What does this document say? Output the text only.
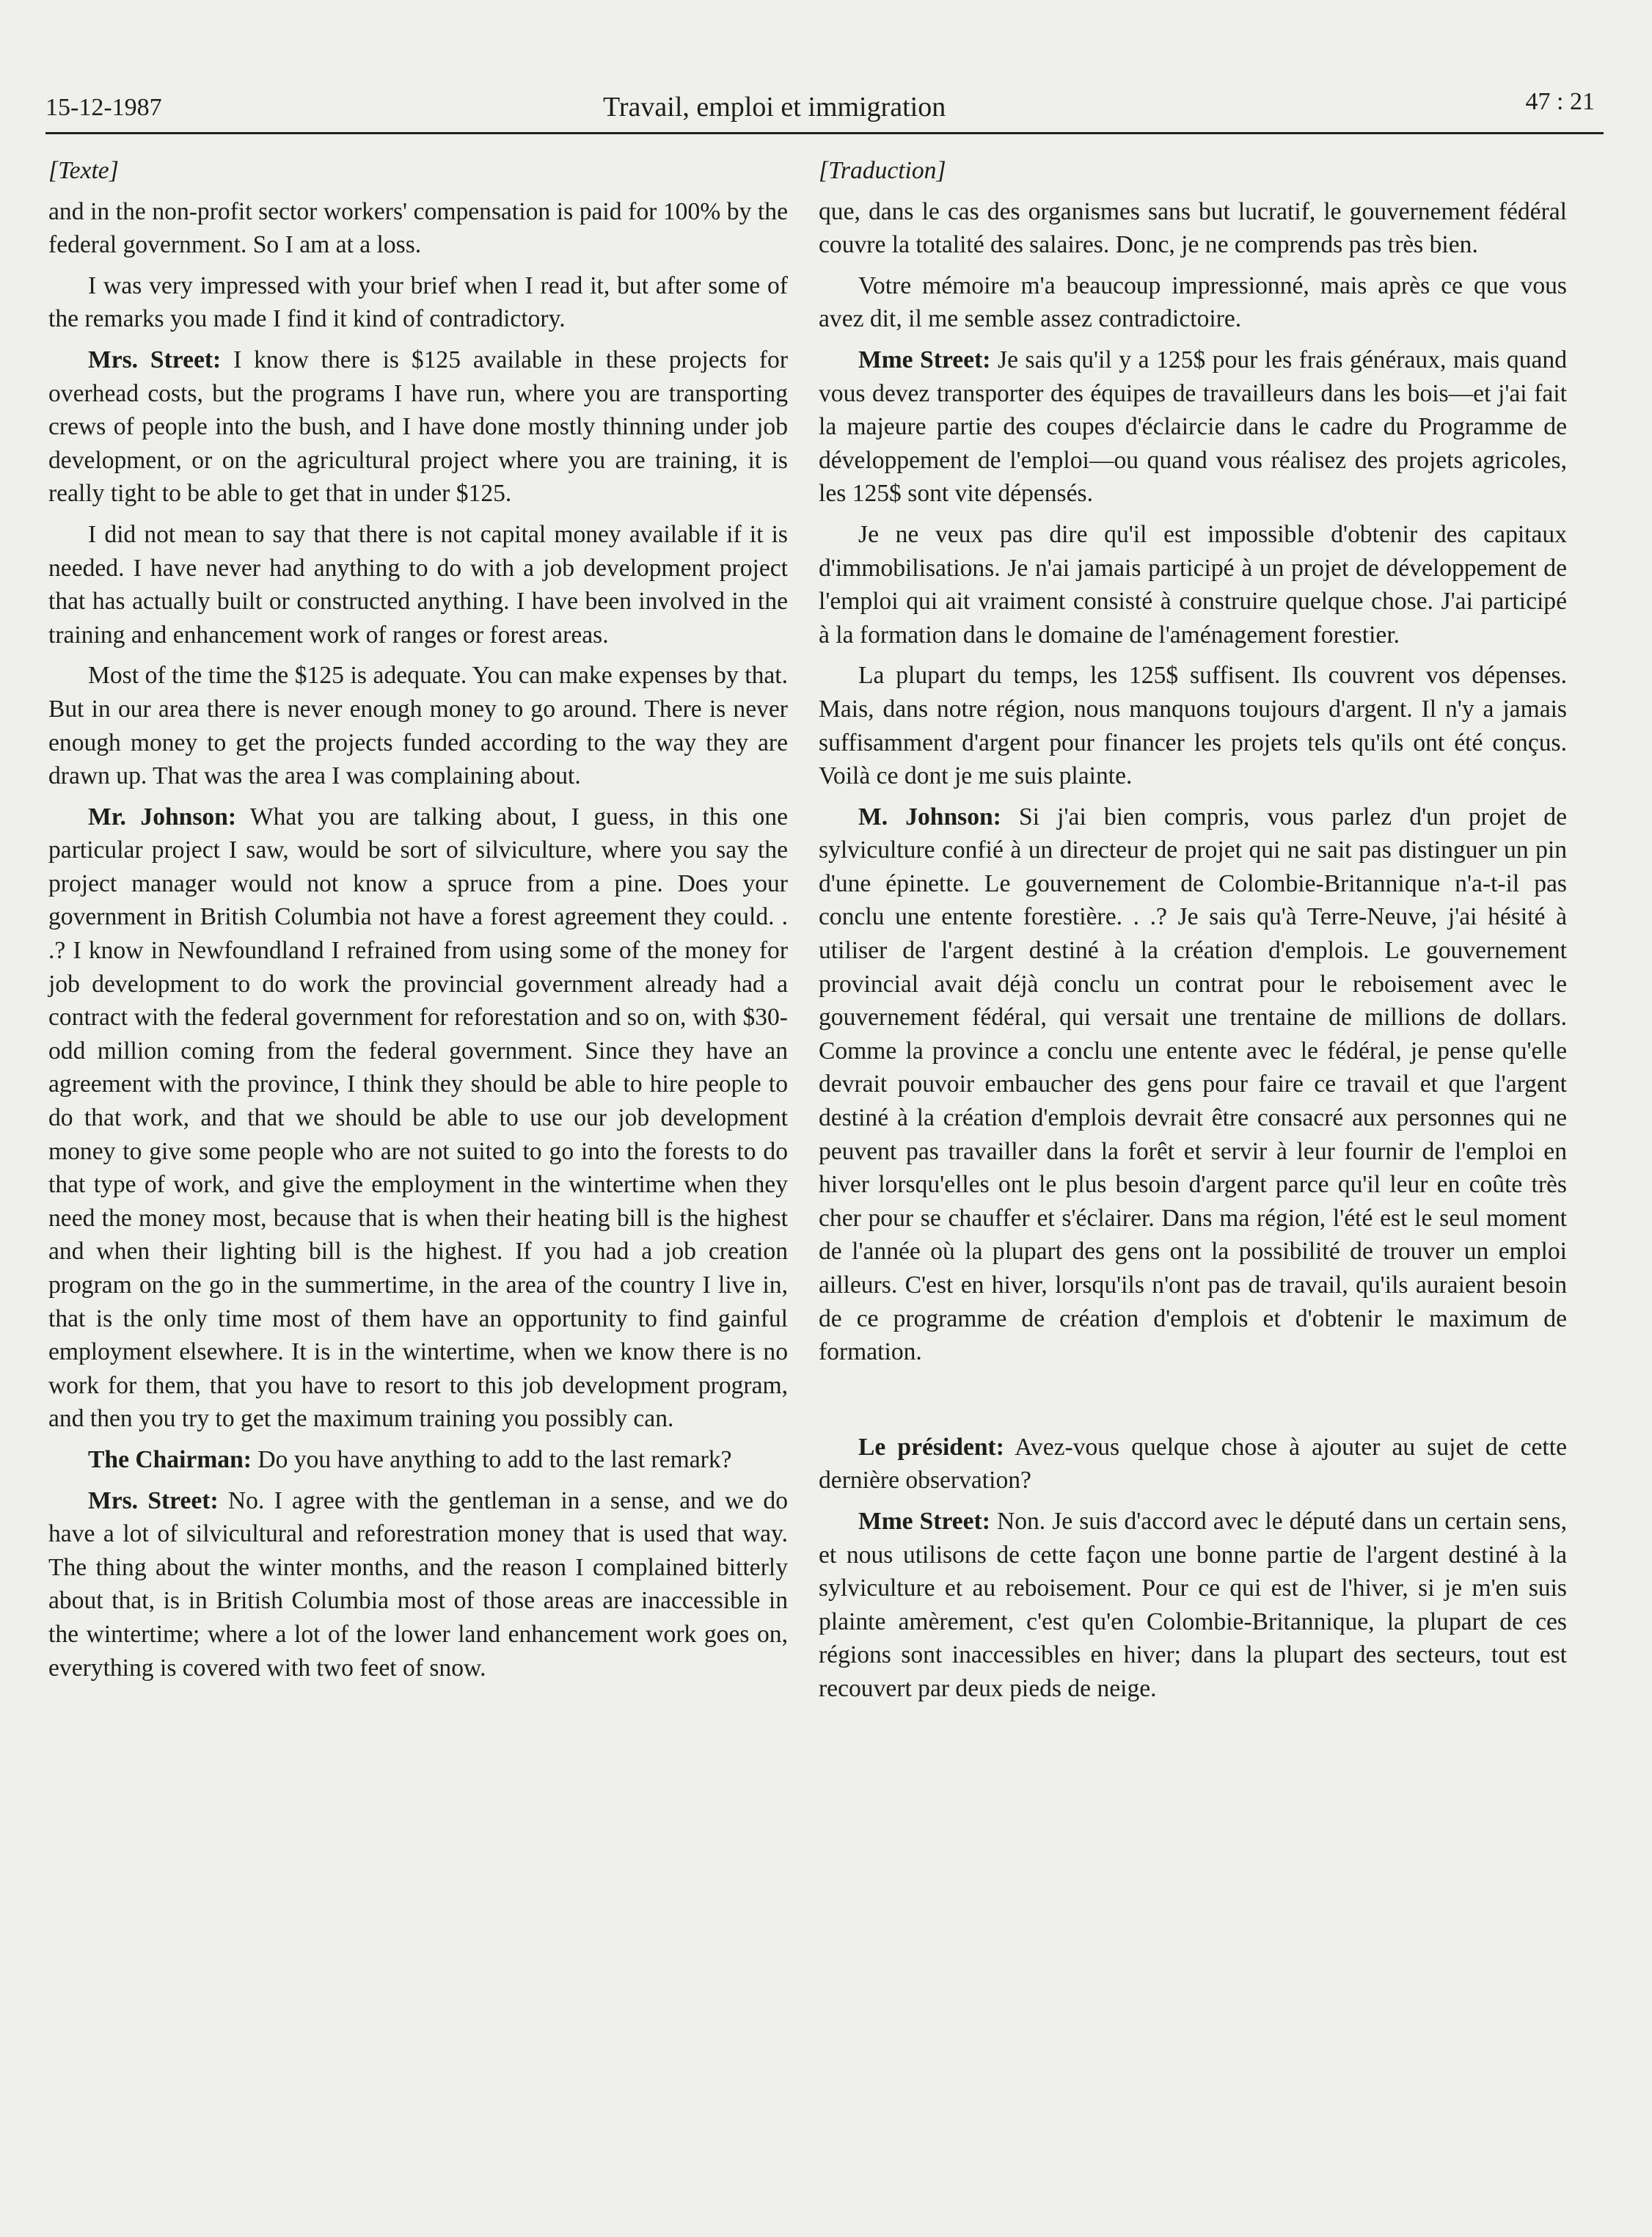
15-12-1987	Travail, emploi et immigration	47 : 21

[Texte]

and in the non-profit sector workers' compensation is paid for 100% by the federal government. So I am at a loss.

I was very impressed with your brief when I read it, but after some of the remarks you made I find it kind of contradictory.

Mrs. Street: I know there is $125 available in these projects for overhead costs, but the programs I have run, where you are transporting crews of people into the bush, and I have done mostly thinning under job development, or on the agricultural project where you are training, it is really tight to be able to get that in under $125.

I did not mean to say that there is not capital money available if it is needed. I have never had anything to do with a job development project that has actually built or constructed anything. I have been involved in the training and enhancement work of ranges or forest areas.

Most of the time the $125 is adequate. You can make expenses by that. But in our area there is never enough money to go around. There is never enough money to get the projects funded according to the way they are drawn up. That was the area I was complaining about.

Mr. Johnson: What you are talking about, I guess, in this one particular project I saw, would be sort of silviculture, where you say the project manager would not know a spruce from a pine. Does your government in British Columbia not have a forest agreement they could. . .? I know in Newfoundland I refrained from using some of the money for job development to do work the provincial government already had a contract with the federal government for reforestation and so on, with $30-odd million coming from the federal government. Since they have an agreement with the province, I think they should be able to hire people to do that work, and that we should be able to use our job development money to give some people who are not suited to go into the forests to do that type of work, and give the employment in the wintertime when they need the money most, because that is when their heating bill is the highest and when their lighting bill is the highest. If you had a job creation program on the go in the summertime, in the area of the country I live in, that is the only time most of them have an opportunity to find gainful employment elsewhere. It is in the wintertime, when we know there is no work for them, that you have to resort to this job development program, and then you try to get the maximum training you possibly can.

The Chairman: Do you have anything to add to the last remark?

Mrs. Street: No. I agree with the gentleman in a sense, and we do have a lot of silvicultural and reforestration money that is used that way. The thing about the winter months, and the reason I complained bitterly about that, is in British Columbia most of those areas are inaccessible in the wintertime; where a lot of the lower land enhancement work goes on, everything is covered with two feet of snow.

[Traduction]

que, dans le cas des organismes sans but lucratif, le gouvernement fédéral couvre la totalité des salaires. Donc, je ne comprends pas très bien.

Votre mémoire m'a beaucoup impressionné, mais après ce que vous avez dit, il me semble assez contradictoire.

Mme Street: Je sais qu'il y a 125$ pour les frais généraux, mais quand vous devez transporter des équipes de travailleurs dans les bois—et j'ai fait la majeure partie des coupes d'éclaircie dans le cadre du Programme de développement de l'emploi—ou quand vous réalisez des projets agricoles, les 125$ sont vite dépensés.

Je ne veux pas dire qu'il est impossible d'obtenir des capitaux d'immobilisations. Je n'ai jamais participé à un projet de développement de l'emploi qui ait vraiment consisté à construire quelque chose. J'ai participé à la formation dans le domaine de l'aménagement forestier.

La plupart du temps, les 125$ suffisent. Ils couvrent vos dépenses. Mais, dans notre région, nous manquons toujours d'argent. Il n'y a jamais suffisamment d'argent pour financer les projets tels qu'ils ont été conçus. Voilà ce dont je me suis plainte.

M. Johnson: Si j'ai bien compris, vous parlez d'un projet de sylviculture confié à un directeur de projet qui ne sait pas distinguer un pin d'une épinette. Le gouvernement de Colombie-Britannique n'a-t-il pas conclu une entente forestière. . .? Je sais qu'à Terre-Neuve, j'ai hésité à utiliser de l'argent destiné à la création d'emplois. Le gouvernement provincial avait déjà conclu un contrat pour le reboisement avec le gouvernement fédéral, qui versait une trentaine de millions de dollars. Comme la province a conclu une entente avec le fédéral, je pense qu'elle devrait pouvoir embaucher des gens pour faire ce travail et que l'argent destiné à la création d'emplois devrait être consacré aux personnes qui ne peuvent pas travailler dans la forêt et servir à leur fournir de l'emploi en hiver lorsqu'elles ont le plus besoin d'argent parce qu'il leur en coûte très cher pour se chauffer et s'éclairer. Dans ma région, l'été est le seul moment de l'année où la plupart des gens ont la possibilité de trouver un emploi ailleurs. C'est en hiver, lorsqu'ils n'ont pas de travail, qu'ils auraient besoin de ce programme de création d'emplois et d'obtenir le maximum de formation.

Le président: Avez-vous quelque chose à ajouter au sujet de cette dernière observation?

Mme Street: Non. Je suis d'accord avec le député dans un certain sens, et nous utilisons de cette façon une bonne partie de l'argent destiné à la sylviculture et au reboisement. Pour ce qui est de l'hiver, si je m'en suis plainte amèrement, c'est qu'en Colombie-Britannique, la plupart de ces régions sont inaccessibles en hiver; dans la plupart des secteurs, tout est recouvert par deux pieds de neige.
